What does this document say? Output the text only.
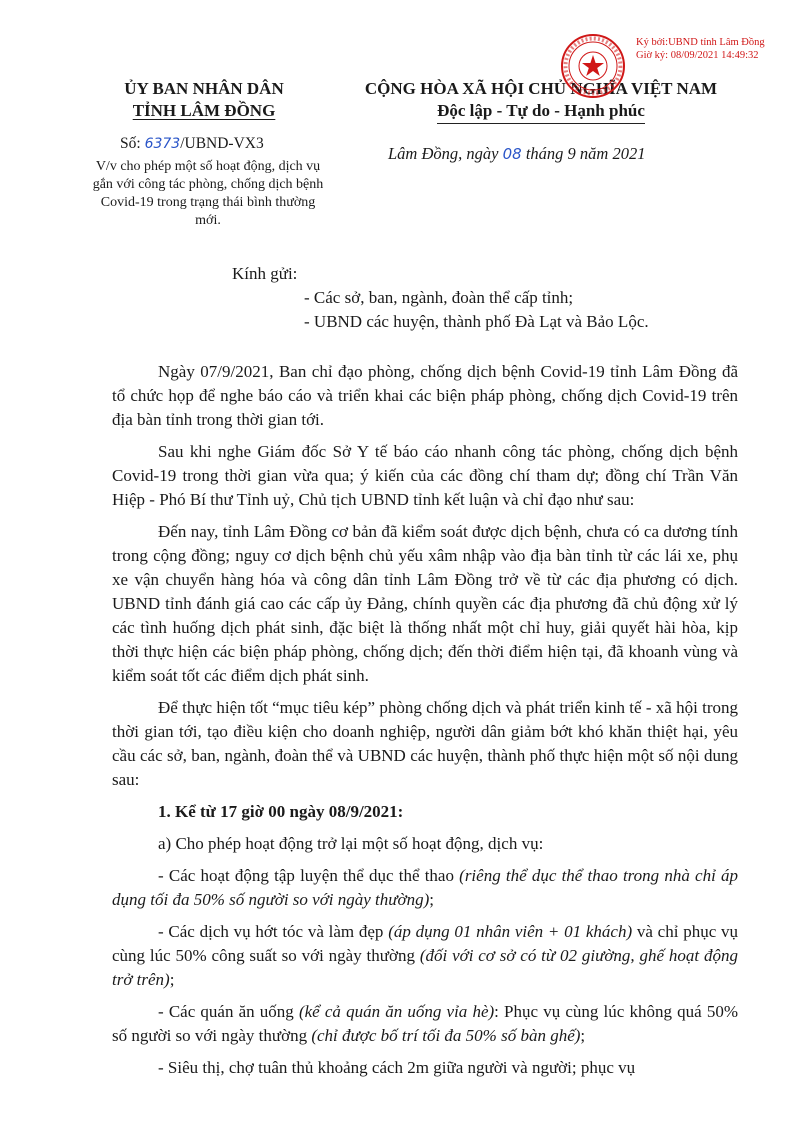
ỦY BAN NHÂN DÂN
TỈNH LÂM ĐỒNG
Số: 6373/UBND-VX3
V/v cho phép một số hoạt động, dịch vụ gắn với công tác phòng, chống dịch bệnh Covid-19 trong trạng thái bình thường mới.
CỘNG HÒA XÃ HỘI CHỦ NGHĨA VIỆT NAM
Độc lập - Tự do - Hạnh phúc
Lâm Đồng, ngày 08 tháng 9 năm 2021
Ký bởi:UBND tỉnh Lâm Đồng
Giờ ký: 08/09/2021 14:49:32
Kính gửi:
- Các sở, ban, ngành, đoàn thể cấp tỉnh;
- UBND các huyện, thành phố Đà Lạt và Bảo Lộc.

Ngày 07/9/2021, Ban chỉ đạo phòng, chống dịch bệnh Covid-19 tỉnh Lâm Đồng đã tổ chức họp để nghe báo cáo và triển khai các biện pháp phòng, chống dịch Covid-19 trên địa bàn tỉnh trong thời gian tới.

Sau khi nghe Giám đốc Sở Y tế báo cáo nhanh công tác phòng, chống dịch bệnh Covid-19 trong thời gian vừa qua; ý kiến của các đồng chí tham dự; đồng chí Trần Văn Hiệp - Phó Bí thư Tỉnh uỷ, Chủ tịch UBND tỉnh kết luận và chỉ đạo như sau:

Đến nay, tỉnh Lâm Đồng cơ bản đã kiểm soát được dịch bệnh, chưa có ca dương tính trong cộng đồng; nguy cơ dịch bệnh chủ yếu xâm nhập vào địa bàn tỉnh từ các lái xe, phụ xe vận chuyển hàng hóa và công dân tỉnh Lâm Đồng trở về từ các địa phương có dịch. UBND tỉnh đánh giá cao các cấp ủy Đảng, chính quyền các địa phương đã chủ động xử lý các tình huống dịch phát sinh, đặc biệt là thống nhất một chỉ huy, giải quyết hài hòa, kịp thời thực hiện các biện pháp phòng, chống dịch; đến thời điểm hiện tại, đã khoanh vùng và kiểm soát tốt các điểm dịch phát sinh.

Để thực hiện tốt “mục tiêu kép” phòng chống dịch và phát triển kinh tế - xã hội trong thời gian tới, tạo điều kiện cho doanh nghiệp, người dân giảm bớt khó khăn thiệt hại, yêu cầu các sở, ban, ngành, đoàn thể và UBND các huyện, thành phố thực hiện một số nội dung sau:

1. Kể từ 17 giờ 00 ngày 08/9/2021:

a) Cho phép hoạt động trở lại một số hoạt động, dịch vụ:

- Các hoạt động tập luyện thể dục thể thao (riêng thể dục thể thao trong nhà chỉ áp dụng tối đa 50% số người so với ngày thường);

- Các dịch vụ hớt tóc và làm đẹp (áp dụng 01 nhân viên + 01 khách) và chỉ phục vụ cùng lúc 50% công suất so với ngày thường (đối với cơ sở có từ 02 giường, ghế hoạt động trở trên);

- Các quán ăn uống (kể cả quán ăn uống vỉa hè): Phục vụ cùng lúc không quá 50% số người so với ngày thường (chỉ được bố trí tối đa 50% số bàn ghế);

- Siêu thị, chợ tuân thủ khoảng cách 2m giữa người và người; phục vụ
